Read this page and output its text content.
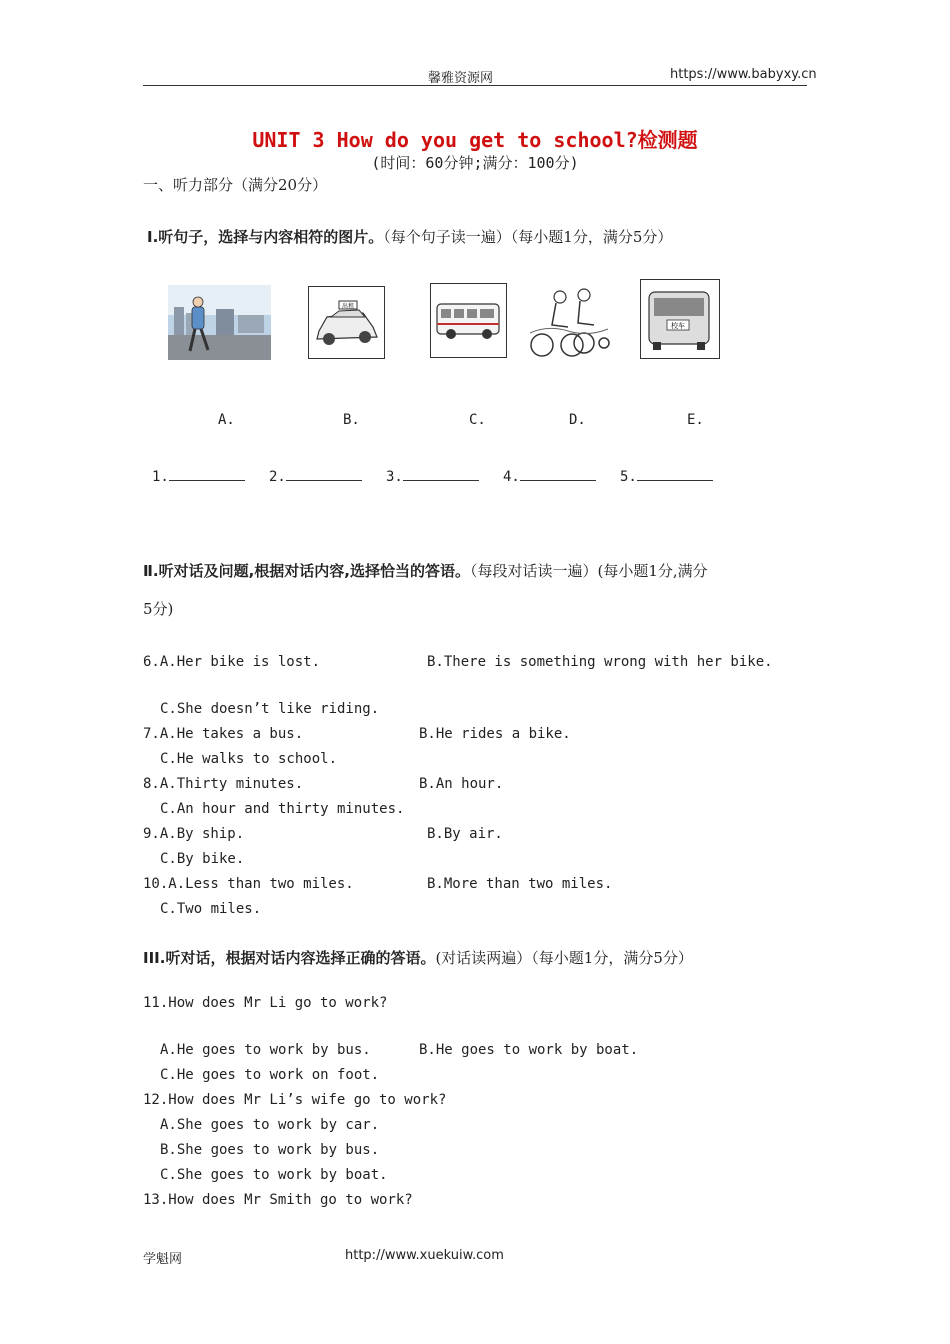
馨雅资源网	https://www.babyxy.cn
UNIT 3 How do you get to school?检测题
(时间：60分钟;满分：100分)
一、听力部分（满分20分）
Ⅰ.听句子，选择与内容相符的图片。（每个句子读一遍）（每小题1分，满分5分）
出租
校车
A.	B.	C.	D.	E.
1.	2.	3.	4.	5.
Ⅱ.听对话及问题,根据对话内容,选择恰当的答语。（每段对话读一遍）(每小题1分,满分
5分)
6.A.Her bike is lost.	B.There is something wrong with her bike.
C.She doesn’t like riding.
7.A.He takes a bus.	B.He rides a bike.
C.He walks to school.
8.A.Thirty minutes.	B.An hour.
C.An hour and thirty minutes.
9.A.By ship.	B.By air.
C.By bike.
10.A.Less than two miles.	B.More than two miles.
C.Two miles.
III.听对话，根据对话内容选择正确的答语。(对话读两遍）（每小题1分，满分5分）
11.How does Mr Li go to work?
A.He goes to work by bus.	B.He goes to work by boat.
C.He goes to work on foot.
12.How does Mr Li’s wife go to work?
A.She goes to work by car.
B.She goes to work by bus.
C.She goes to work by boat.
13.How does Mr Smith go to work?
学魁网	http://www.xuekuiw.com
